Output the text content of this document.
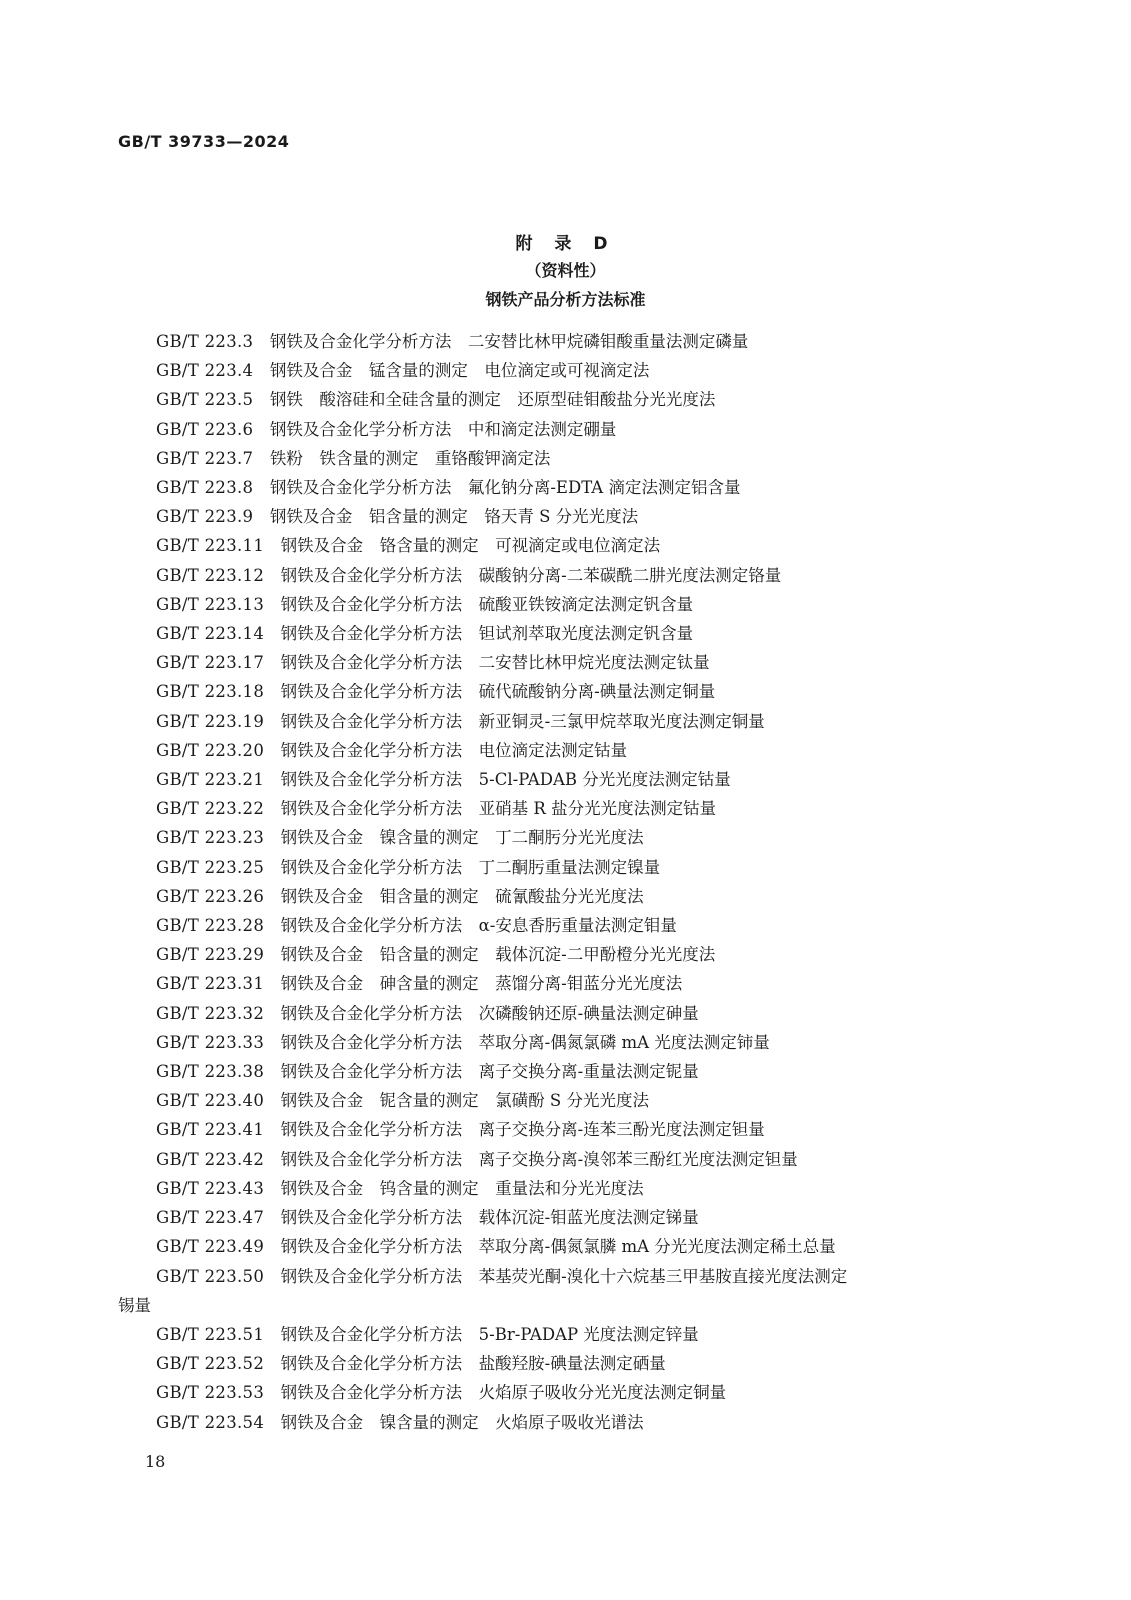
GB/T 39733—2024
附 录 D
（资料性）
钢铁产品分析方法标准
GB/T 223.3　 钢铁及合金化学分析方法　二安替比林甲烷磷钼酸重量法测定磷量
GB/T 223.4　 钢铁及合金　锰含量的测定　电位滴定或可视滴定法
GB/T 223.5　 钢铁　酸溶硅和全硅含量的测定　还原型硅钼酸盐分光光度法
GB/T 223.6　 钢铁及合金化学分析方法　中和滴定法测定硼量
GB/T 223.7　 铁粉　铁含量的测定　重铬酸钾滴定法
GB/T 223.8　 钢铁及合金化学分析方法　氟化钠分离-EDTA 滴定法测定铝含量
GB/T 223.9　 钢铁及合金　铝含量的测定　铬天青 S 分光光度法
GB/T 223.11　 钢铁及合金　铬含量的测定　可视滴定或电位滴定法
GB/T 223.12　 钢铁及合金化学分析方法　碳酸钠分离-二苯碳酰二肼光度法测定铬量
GB/T 223.13　 钢铁及合金化学分析方法　硫酸亚铁铵滴定法测定钒含量
GB/T 223.14　 钢铁及合金化学分析方法　钽试剂萃取光度法测定钒含量
GB/T 223.17　 钢铁及合金化学分析方法　二安替比林甲烷光度法测定钛量
GB/T 223.18　 钢铁及合金化学分析方法　硫代硫酸钠分离-碘量法测定铜量
GB/T 223.19　 钢铁及合金化学分析方法　新亚铜灵-三氯甲烷萃取光度法测定铜量
GB/T 223.20　 钢铁及合金化学分析方法　电位滴定法测定钴量
GB/T 223.21　 钢铁及合金化学分析方法　5-Cl-PADAB 分光光度法测定钴量
GB/T 223.22　 钢铁及合金化学分析方法　亚硝基 R 盐分光光度法测定钴量
GB/T 223.23　 钢铁及合金　镍含量的测定　丁二酮肟分光光度法
GB/T 223.25　 钢铁及合金化学分析方法　丁二酮肟重量法测定镍量
GB/T 223.26　 钢铁及合金　钼含量的测定　硫氰酸盐分光光度法
GB/T 223.28　 钢铁及合金化学分析方法　α-安息香肟重量法测定钼量
GB/T 223.29　 钢铁及合金　铅含量的测定　载体沉淀-二甲酚橙分光光度法
GB/T 223.31　 钢铁及合金　砷含量的测定　蒸馏分离-钼蓝分光光度法
GB/T 223.32　 钢铁及合金化学分析方法　次磷酸钠还原-碘量法测定砷量
GB/T 223.33　 钢铁及合金化学分析方法　萃取分离-偶氮氯磷 mA 光度法测定铈量
GB/T 223.38　 钢铁及合金化学分析方法　离子交换分离-重量法测定铌量
GB/T 223.40　 钢铁及合金　铌含量的测定　氯磺酚 S 分光光度法
GB/T 223.41　 钢铁及合金化学分析方法　离子交换分离-连苯三酚光度法测定钽量
GB/T 223.42　 钢铁及合金化学分析方法　离子交换分离-溴邻苯三酚红光度法测定钽量
GB/T 223.43　 钢铁及合金　钨含量的测定　重量法和分光光度法
GB/T 223.47　 钢铁及合金化学分析方法　载体沉淀-钼蓝光度法测定锑量
GB/T 223.49　 钢铁及合金化学分析方法　萃取分离-偶氮氯膦 mA 分光光度法测定稀土总量
GB/T 223.50　 钢铁及合金化学分析方法　苯基荧光酮-溴化十六烷基三甲基胺直接光度法测定
锡量
GB/T 223.51　 钢铁及合金化学分析方法　5-Br-PADAP 光度法测定锌量
GB/T 223.52　 钢铁及合金化学分析方法　盐酸羟胺-碘量法测定硒量
GB/T 223.53　 钢铁及合金化学分析方法　火焰原子吸收分光光度法测定铜量
GB/T 223.54　 钢铁及合金　镍含量的测定　火焰原子吸收光谱法
18
